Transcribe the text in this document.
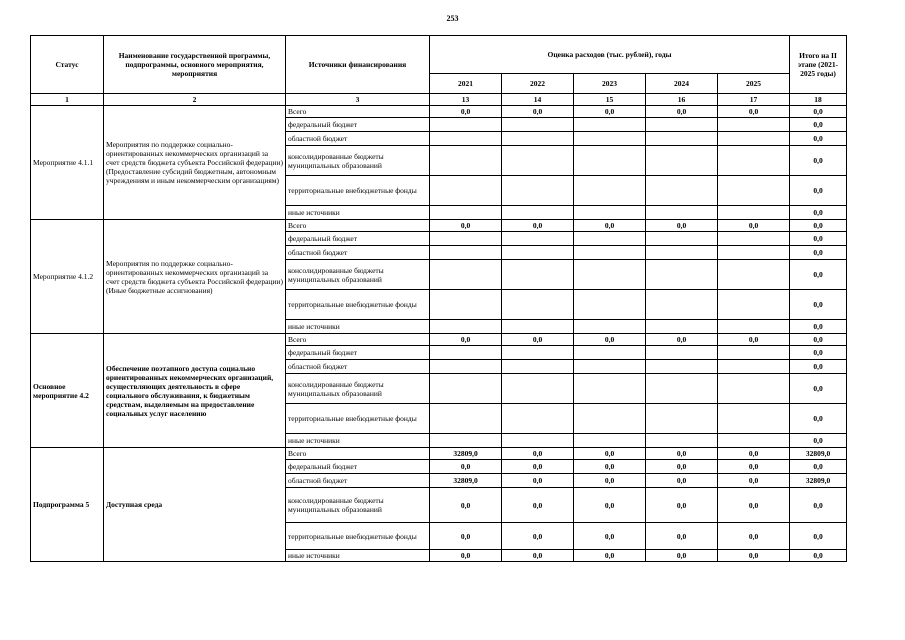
253
Статус	Наименование государственной программы, подпрограммы, основного мероприятия, мероприятия	Источники финансирования	Оценка расходов (тыс. рублей), годы					Итого на II этапе (2021-2025 годы)
			2021	2022	2023	2024	2025	
1	2	3	13	14	15	16	17	18
Мероприятие 4.1.1	Мероприятия по поддержке социально-ориентированных некоммерческих организаций за счет средств бюджета субъекта Российской федерации) (Предоставление субсидий бюджетным, автономным учреждениям и иным некоммерческим организациям)	Всего	0,0	0,0	0,0	0,0	0,0	0,0
		федеральный бюджет						0,0
		областной бюджет						0,0
		консолидированные бюджеты муниципальных образований						0,0
		территориальные внебюджетные фонды						0,0
		иные источники						0,0
Мероприятие 4.1.2	Мероприятия по поддержке социально-ориентированных некоммерческих организаций за счет средств бюджета субъекта Российской федерации) (Иные бюджетные ассигнования)	Всего	0,0	0,0	0,0	0,0	0,0	0,0
		федеральный бюджет						0,0
		областной бюджет						0,0
		консолидированные бюджеты муниципальных образований						0,0
		территориальные внебюджетные фонды						0,0
		иные источники						0,0
Основное мероприятие 4.2	Обеспечение поэтапного доступа социально ориентированных некоммерческих организаций, осуществляющих деятельность в сфере социального обслуживания, к бюджетным средствам, выделяемым на предоставление социальных услуг населению	Всего	0,0	0,0	0,0	0,0	0,0	0,0
		федеральный бюджет						0,0
		областной бюджет						0,0
		консолидированные бюджеты муниципальных образований						0,0
		территориальные внебюджетные фонды						0,0
		иные источники						0,0
Подпрограмма 5	Доступная среда	Всего	32809,0	0,0	0,0	0,0	0,0	32809,0
		федеральный бюджет	0,0	0,0	0,0	0,0	0,0	0,0
		областной бюджет	32809,0	0,0	0,0	0,0	0,0	32809,0
		консолидированные бюджеты муниципальных образований	0,0	0,0	0,0	0,0	0,0	0,0
		территориальные внебюджетные фонды	0,0	0,0	0,0	0,0	0,0	0,0
		иные источники	0,0	0,0	0,0	0,0	0,0	0,0
